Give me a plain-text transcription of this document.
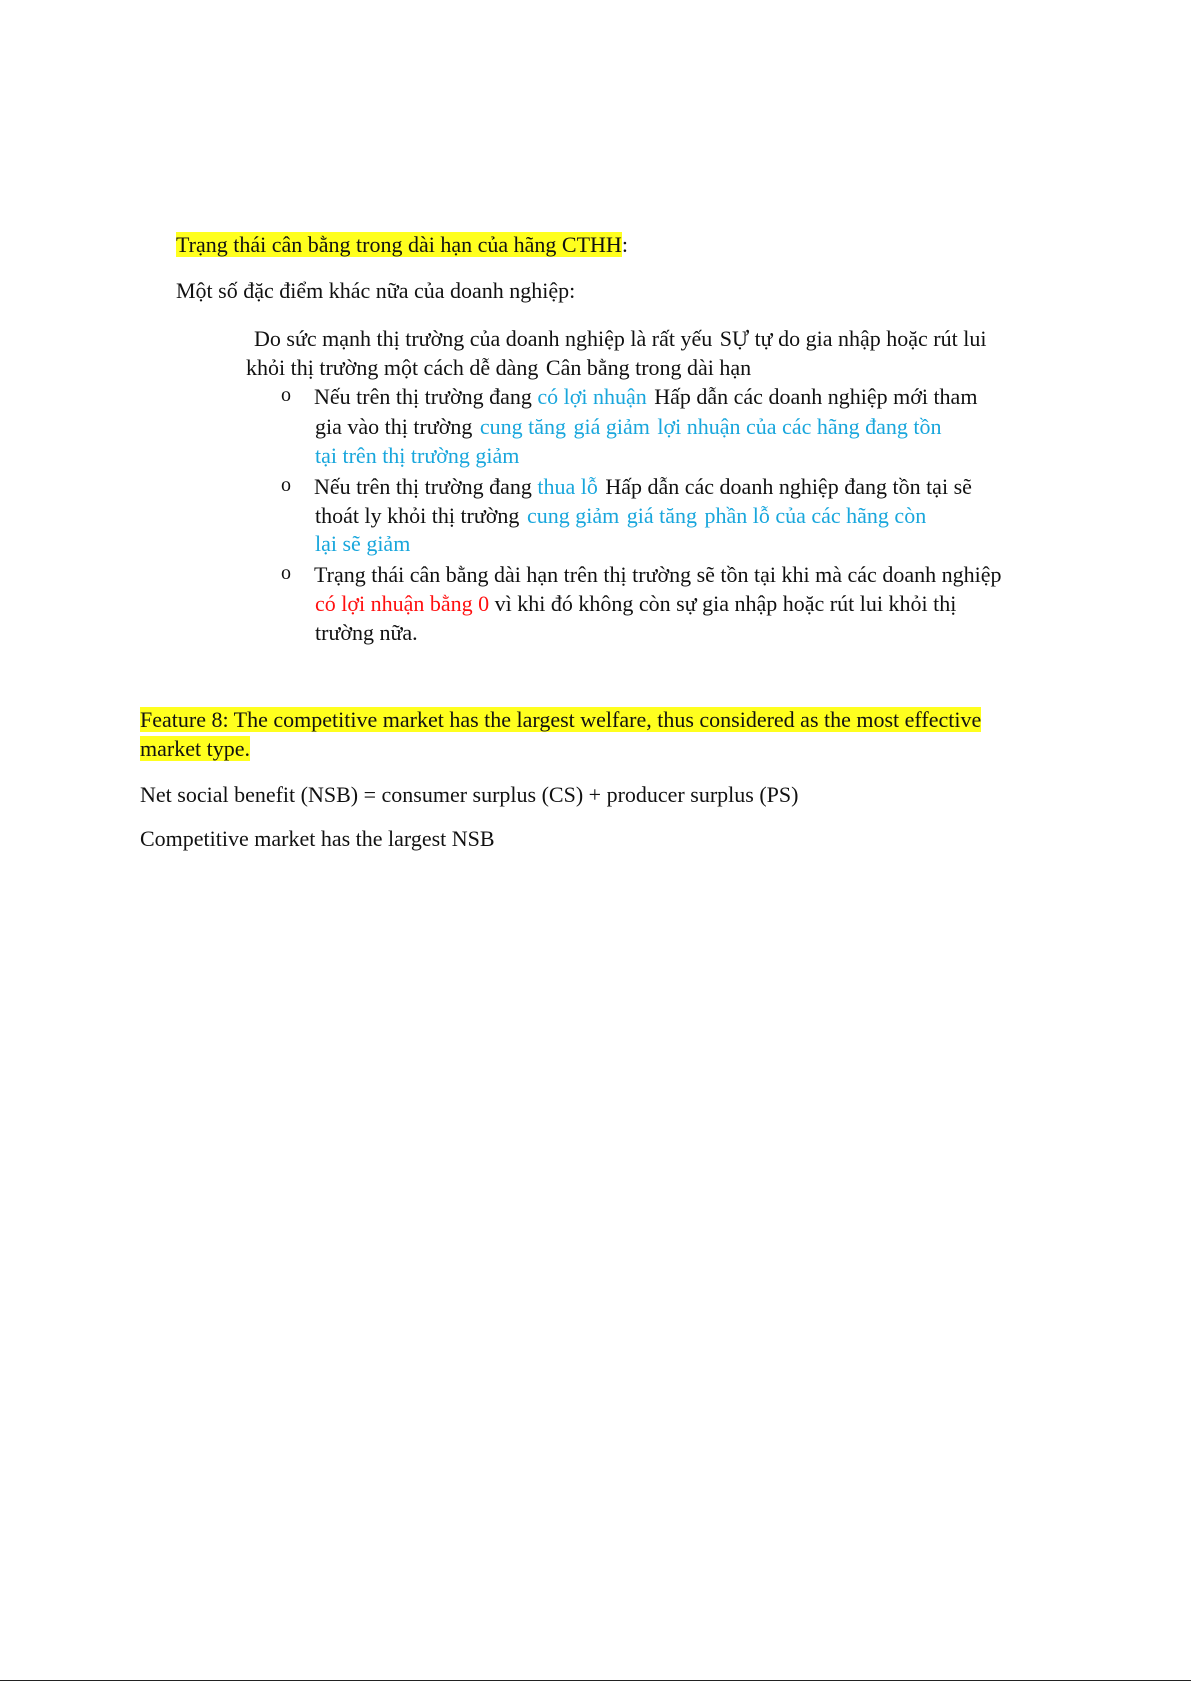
Trạng thái cân bằng trong dài hạn của hãng CTHH:
Một số đặc điểm khác nữa của doanh nghiệp:
Do sức mạnh thị trường của doanh nghiệp là rất yếu SỰ tự do gia nhập hoặc rút lui
khỏi thị trường một cách dễ dàng Cân bằng trong dài hạn
o Nếu trên thị trường đang có lợi nhuận Hấp dẫn các doanh nghiệp mới tham
gia vào thị trường cung tăng giá giảm lợi nhuận của các hãng đang tồn
tại trên thị trường giảm
o Nếu trên thị trường đang thua lỗ Hấp dẫn các doanh nghiệp đang tồn tại sẽ
thoát ly khỏi thị trường cung giảm giá tăng phần lỗ của các hãng còn
lại sẽ giảm
o Trạng thái cân bằng dài hạn trên thị trường sẽ tồn tại khi mà các doanh nghiệp
có lợi nhuận bằng 0 vì khi đó không còn sự gia nhập hoặc rút lui khỏi thị
trường nữa.
Feature 8: The competitive market has the largest welfare, thus considered as the most effective
market type.
Net social benefit (NSB) = consumer surplus (CS) + producer surplus (PS)
Competitive market has the largest NSB
